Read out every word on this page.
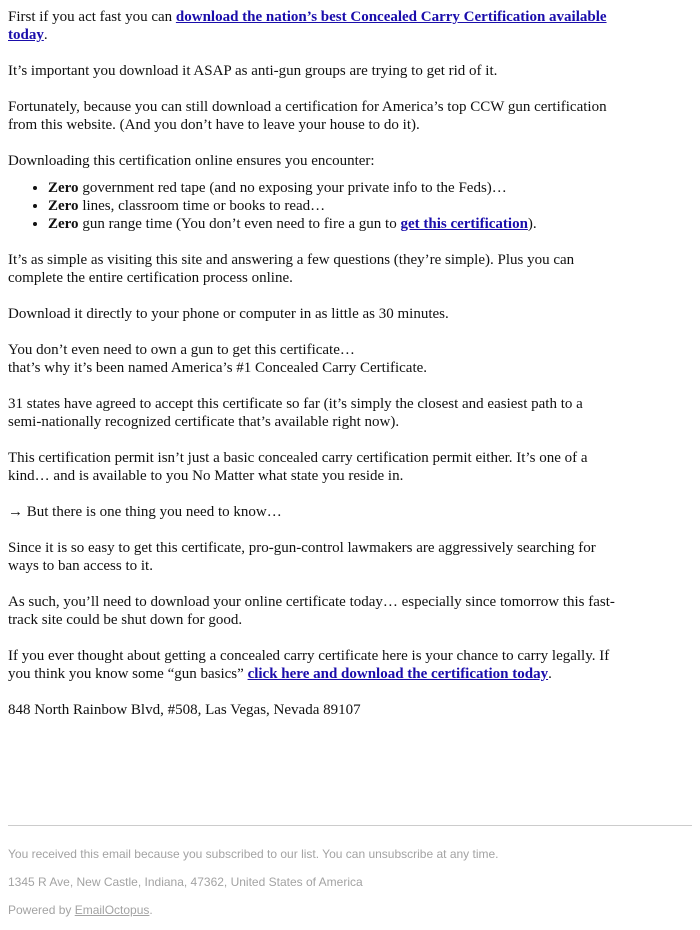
First if you act fast you can download the nation’s best Concealed Carry Certification available today.

It’s important you download it ASAP as anti-gun groups are trying to get rid of it.

Fortunately, because you can still download a certification for America’s top CCW gun certification from this website. (And you don’t have to leave your house to do it).

Downloading this certification online ensures you encounter:

• Zero government red tape (and no exposing your private info to the Feds)…
• Zero lines, classroom time or books to read…
• Zero gun range time (You don’t even need to fire a gun to get this certification).

It’s as simple as visiting this site and answering a few questions (they’re simple). Plus you can complete the entire certification process online.

Download it directly to your phone or computer in as little as 30 minutes.

You don’t even need to own a gun to get this certificate…
that’s why it’s been named America’s #1 Concealed Carry Certificate.

31 states have agreed to accept this certificate so far (it’s simply the closest and easiest path to a semi-nationally recognized certificate that’s available right now).

This certification permit isn’t just a basic concealed carry certification permit either. It’s one of a kind… and is available to you No Matter what state you reside in.

→ But there is one thing you need to know…

Since it is so easy to get this certificate, pro-gun-control lawmakers are aggressively searching for ways to ban access to it.

As such, you’ll need to download your online certificate today… especially since tomorrow this fast-track site could be shut down for good.

If you ever thought about getting a concealed carry certificate here is your chance to carry legally. If you think you know some “gun basics” click here and download the certification today.

848 North Rainbow Blvd, #508, Las Vegas, Nevada 89107

You received this email because you subscribed to our list. You can unsubscribe at any time.

1345 R Ave, New Castle, Indiana, 47362, United States of America

Powered by EmailOctopus.
